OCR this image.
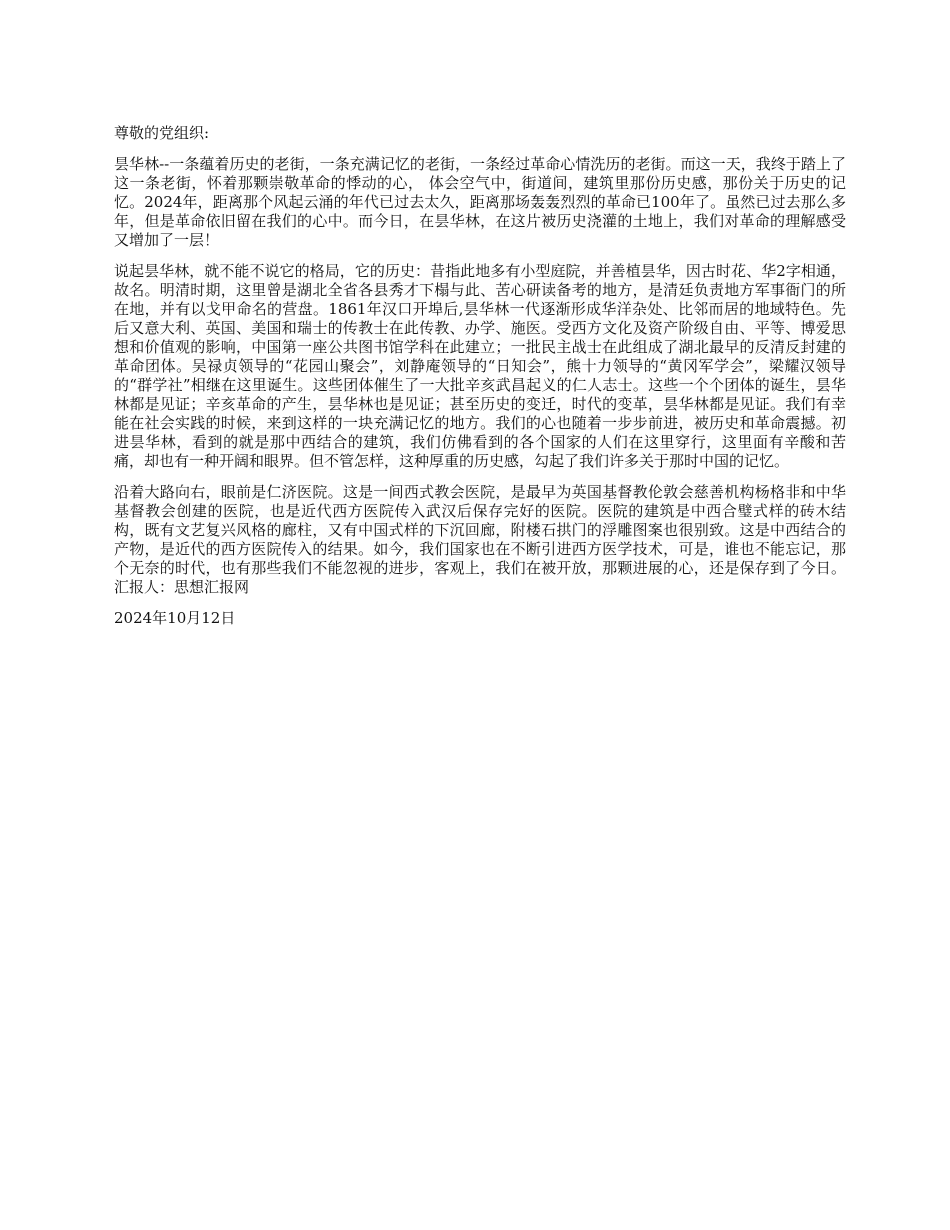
尊敬的党组织:

昙华林--一条蕴着历史的老街，一条充满记忆的老街，一条经过革命心情洗历的老街。而这一天，我终于踏上了这一条老街，怀着那颗崇敬革命的悸动的心， 体会空气中，街道间，建筑里那份历史感，那份关于历史的记忆。2024年，距离那个风起云涌的年代已过去太久，距离那场轰轰烈烈的革命已100年了。虽然已过去那么多年，但是革命依旧留在我们的心中。而今日，在昙华林，在这片被历史浇灌的土地上，我们对革命的理解感受又增加了一层！

说起昙华林，就不能不说它的格局，它的历史：昔指此地多有小型庭院，并善植昙华，因古时花、华2字相通，故名。明清时期，这里曾是湖北全省各县秀才下榻与此、苦心研读备考的地方，是清廷负责地方军事衙门的所在地，并有以戈甲命名的营盘。1861年汉口开埠后,昙华林一代逐渐形成华洋杂处、比邻而居的地域特色。先后又意大利、英国、美国和瑞士的传教士在此传教、办学、施医。受西方文化及资产阶级自由、平等、博爱思想和价值观的影响，中国第一座公共图书馆学科在此建立；一批民主战士在此组成了湖北最早的反清反封建的革命团体。吴禄贞领导的“花园山聚会”，刘静庵领导的“日知会”，熊十力领导的“黄冈军学会”，梁耀汉领导的“群学社”相继在这里诞生。这些团体催生了一大批辛亥武昌起义的仁人志士。这些一个个团体的诞生，昙华林都是见证；辛亥革命的产生，昙华林也是见证；甚至历史的变迁，时代的变革，昙华林都是见证。我们有幸能在社会实践的时候，来到这样的一块充满记忆的地方。我们的心也随着一步步前进，被历史和革命震撼。初进昙华林，看到的就是那中西结合的建筑，我们仿佛看到的各个国家的人们在这里穿行，这里面有辛酸和苦痛，却也有一种开阔和眼界。但不管怎样，这种厚重的历史感，勾起了我们许多关于那时中国的记忆。

沿着大路向右，眼前是仁济医院。这是一间西式教会医院，是最早为英国基督教伦敦会慈善机构杨格非和中华基督教会创建的医院，也是近代西方医院传入武汉后保存完好的医院。医院的建筑是中西合璧式样的砖木结构，既有文艺复兴风格的廊柱，又有中国式样的下沉回廊，附楼石拱门的浮雕图案也很别致。这是中西结合的产物，是近代的西方医院传入的结果。如今，我们国家也在不断引进西方医学技术，可是，谁也不能忘记，那个无奈的时代，也有那些我们不能忽视的进步，客观上，我们在被开放，那颗进展的心，还是保存到了今日。汇报人：思想汇报网

2024年10月12日
